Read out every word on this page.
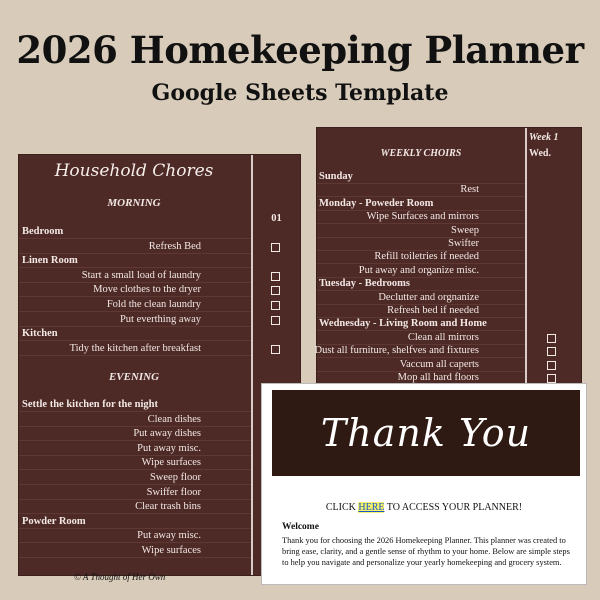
2026 Homekeeping Planner
Google Sheets Template
Household Chores
MORNING
01
Bedroom
Refresh Bed
Linen Room
Start a small load of laundry
Move clothes to the dryer
Fold the clean laundry
Put everthing away
Kitchen
Tidy the kitchen after breakfast
EVENING
Settle the kitchen for the night
Clean dishes
Put away dishes
Put away misc.
Wipe surfaces
Sweep floor
Swiffer floor
Clear trash bins
Powder Room
Put away misc.
Wipe surfaces
WEEKLY CHOIRS
Week 1
Wed.
Sunday
Rest
Monday - Poweder Room
Wipe Surfaces and mirrors
Sweep
Swifter
Refill toiletries if needed
Put away and organize misc.
Tuesday - Bedrooms
Declutter and orgnanize
Refresh bed if needed
Wednesday - Living Room and Home
Clean all mirrors
Dust all furniture, shelfves and fixtures
Vaccum all caperts
Mop all hard floors
Thank You
CLICK HERE TO ACCESS YOUR PLANNER!
Welcome
Thank you for choosing the 2026 Homekeeping Planner. This planner was created to bring ease, clarity, and a gentle sense of rhythm to your home. Below are simple steps to help you navigate and personalize your yearly homekeeping and grocery system.
© A Thought of Her Own
